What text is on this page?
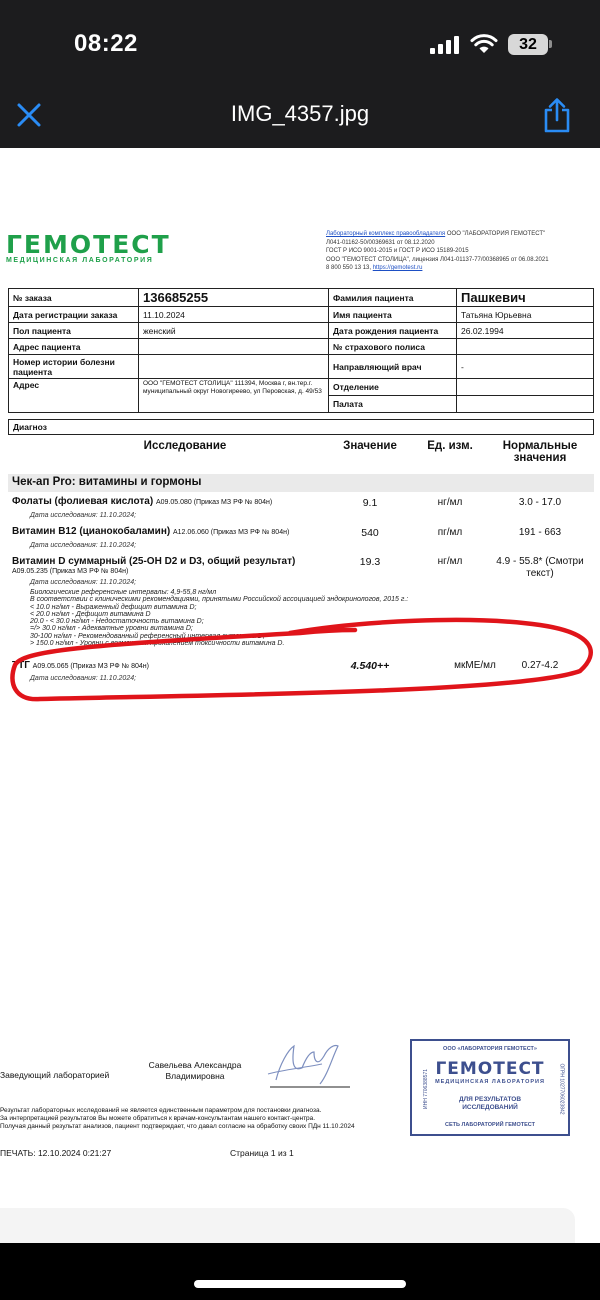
08:22	32
IMG_4357.jpg
ГЕМОТЕСТ
МЕДИЦИНСКАЯ ЛАБОРАТОРИЯ
Лабораторный комплекс правообладателя ООО "ЛАБОРАТОРИЯ ГЕМОТЕСТ"
Л041-01162-50/00369631 от 08.12.2020
ГОСТ Р ИСО 9001-2015 и ГОСТ Р ИСО 15189-2015
ООО "ГЕМОТЕСТ СТОЛИЦА", лицензия Л041-01137-77/00368965 от 06.08.2021
8 800 550 13 13, https://gemotest.ru
№ заказа	136685255	Фамилия пациента	Пашкевич
Дата регистрации заказа	11.10.2024	Имя пациента	Татьяна Юрьевна
Пол пациента	женский	Дата рождения пациента	26.02.1994
Адрес пациента		№ страхового полиса	
Номер истории болезни пациента		Направляющий врач	-
Адрес	ООО "ГЕМОТЕСТ СТОЛИЦА" 111394, Москва г, вн.тер.г. муниципальный округ Новогиреево, ул Перовская, д. 49/53	Отделение	
		Палата	
Диагноз
Исследование	Значение	Ед. изм.	Нормальные значения
Чек-ап Pro: витамины и гормоны
Фолаты (фолиевая кислота) A09.05.080 (Приказ МЗ РФ № 804н)
Дата исследования: 11.10.2024;
9.1	нг/мл	3.0 - 17.0
Витамин B12 (цианокобаламин) A12.06.060 (Приказ МЗ РФ № 804н)
Дата исследования: 11.10.2024;
540	пг/мл	191 - 663
Витамин D суммарный (25-OH D2 и D3, общий результат)
A09.05.235 (Приказ МЗ РФ № 804н)
Дата исследования: 11.10.2024;
19.3	нг/мл	4.9 - 55.8* (Смотри текст)
Биологические референсные интервалы: 4,9-55,8 нг/мл
В соответствии с клиническими рекомендациями, принятыми Российской ассоциацией эндокринологов, 2015 г.:
< 10.0 нг/мл - Выраженный дефицит витамина D;
< 20.0 нг/мл - Дефицит витамина D
20.0 - < 30.0 нг/мл - Недостаточность витамина D;
=/> 30.0 нг/мл - Адекватные уровни витамина D;
30-100 нг/мл - Рекомендованный референсный интервал витамина D;
> 150.0 нг/мл - Уровни с возможным проявлением токсичности витамина D.
ТТГ A09.05.065 (Приказ МЗ РФ № 804н)
Дата исследования: 11.10.2024;
4.540++	мкМЕ/мл	0.27-4.2
Заведующий лабораторией
Савельева Александра Владимировна
ООО «ЛАБОРАТОРИЯ ГЕМОТЕСТ»
ГЕМОТЕСТ
МЕДИЦИНСКАЯ ЛАБОРАТОРИЯ
ДЛЯ РЕЗУЛЬТАТОВ
ИССЛЕДОВАНИЙ
СЕТЬ ЛАБОРАТОРИЙ ГЕМОТЕСТ
ИНН 7706388571	ОГРН 1027706023842
Результат лабораторных исследований не является единственным параметром для постановки диагноза.
За интерпретацией результатов Вы можете обратиться к врачам-консультантам нашего контакт-центра.
Получая данный результат анализов, пациент подтверждает, что давал согласие на обработку своих ПДн 11.10.2024
ПЕЧАТЬ: 12.10.2024 0:21:27	Страница 1 из 1
